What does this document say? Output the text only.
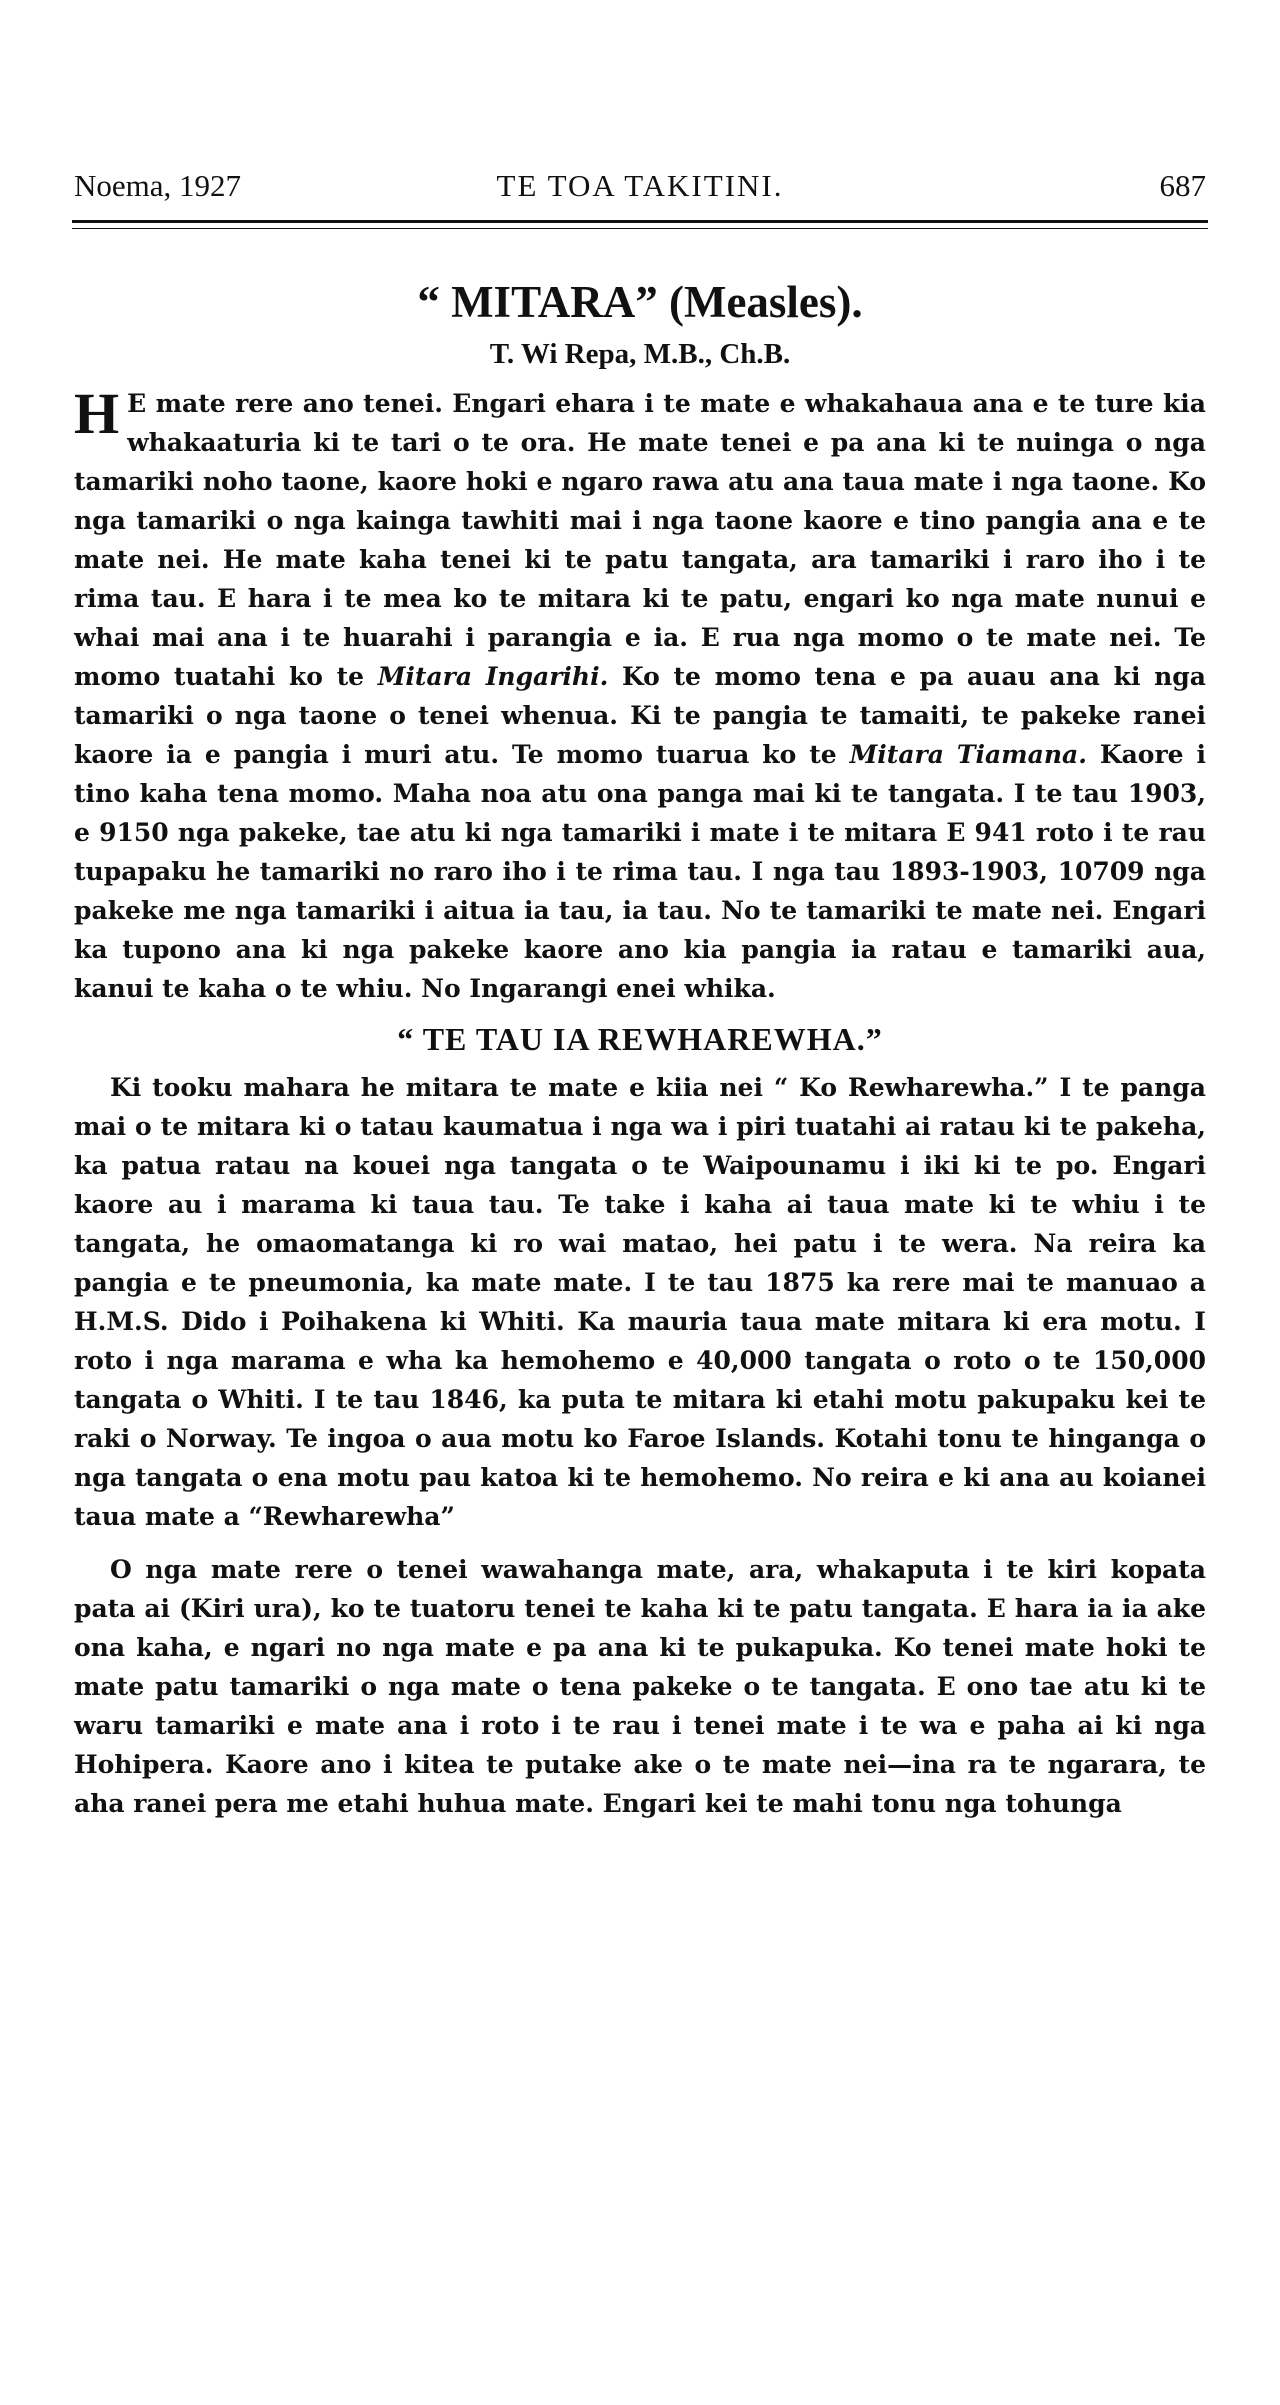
Noema, 1927	TE TOA TAKITINI.	687
“ MITARA” (Measles).
T. Wi Repa, M.B., Ch.B.

H E mate rere ano tenei. Engari ehara i te mate e whakahaua ana e te ture kia whakaaturia ki te tari o te ora. He mate tenei e pa ana ki te nuinga o nga tamariki noho taone, kaore hoki e ngaro rawa atu ana taua mate i nga taone. Ko nga tamariki o nga kainga tawhiti mai i nga taone kaore e tino pangia ana e te mate nei. He mate kaha tenei ki te patu tangata, ara tamariki i raro iho i te rima tau. E hara i te mea ko te mitara ki te patu, engari ko nga mate nunui e whai mai ana i te huarahi i parangia e ia. E rua nga momo o te mate nei. Te momo tuatahi ko te Mitara Ingarihi. Ko te momo tena e pa auau ana ki nga tamariki o nga taone o tenei whenua. Ki te pangia te tamaiti, te pakeke ranei kaore ia e pangia i muri atu. Te momo tuarua ko te Mitara Tiamana. Kaore i tino kaha tena momo. Maha noa atu ona panga mai ki te tangata. I te tau 1903, e 9150 nga pakeke, tae atu ki nga tamariki i mate i te mitara E 941 roto i te rau tupapaku he tamariki no raro iho i te rima tau. I nga tau 1893-1903, 10709 nga pakeke me nga tamariki i aitua ia tau, ia tau. No te tamariki te mate nei. Engari ka tupono ana ki nga pakeke kaore ano kia pangia ia ratau e tamariki aua, kanui te kaha o te whiu. No Ingarangi enei whika.

“ TE TAU IA REWHAREWHA.”

Ki tooku mahara he mitara te mate e kiia nei “ Ko Rewharewha.” I te panga mai o te mitara ki o tatau kaumatua i nga wa i piri tuatahi ai ratau ki te pakeha, ka patua ratau na kouei nga tangata o te Waipounamu i iki ki te po. Engari kaore au i marama ki taua tau. Te take i kaha ai taua mate ki te whiu i te tangata, he omaomatanga ki ro wai matao, hei patu i te wera. Na reira ka pangia e te pneumonia, ka mate mate. I te tau 1875 ka rere mai te manuao a H.M.S. Dido i Poihakena ki Whiti. Ka mauria taua mate mitara ki era motu. I roto i nga marama e wha ka hemohemo e 40,000 tangata o roto o te 150,000 tangata o Whiti. I te tau 1846, ka puta te mitara ki etahi motu pakupaku kei te raki o Norway. Te ingoa o aua motu ko Faroe Islands. Kotahi tonu te hinganga o nga tangata o ena motu pau katoa ki te hemohemo. No reira e ki ana au koianei taua mate a “Rewharewha”

O nga mate rere o tenei wawahanga mate, ara, whakaputa i te kiri kopata pata ai (Kiri ura), ko te tuatoru tenei te kaha ki te patu tangata. E hara ia ia ake ona kaha, e ngari no nga mate e pa ana ki te pukapuka. Ko tenei mate hoki te mate patu tamariki o nga mate o tena pakeke o te tangata. E ono tae atu ki te waru tamariki e mate ana i roto i te rau i tenei mate i te wa e paha ai ki nga Hohipera. Kaore ano i kitea te putake ake o te mate nei—ina ra te ngarara, te aha ranei pera me etahi huhua mate. Engari kei te mahi tonu nga tohunga
